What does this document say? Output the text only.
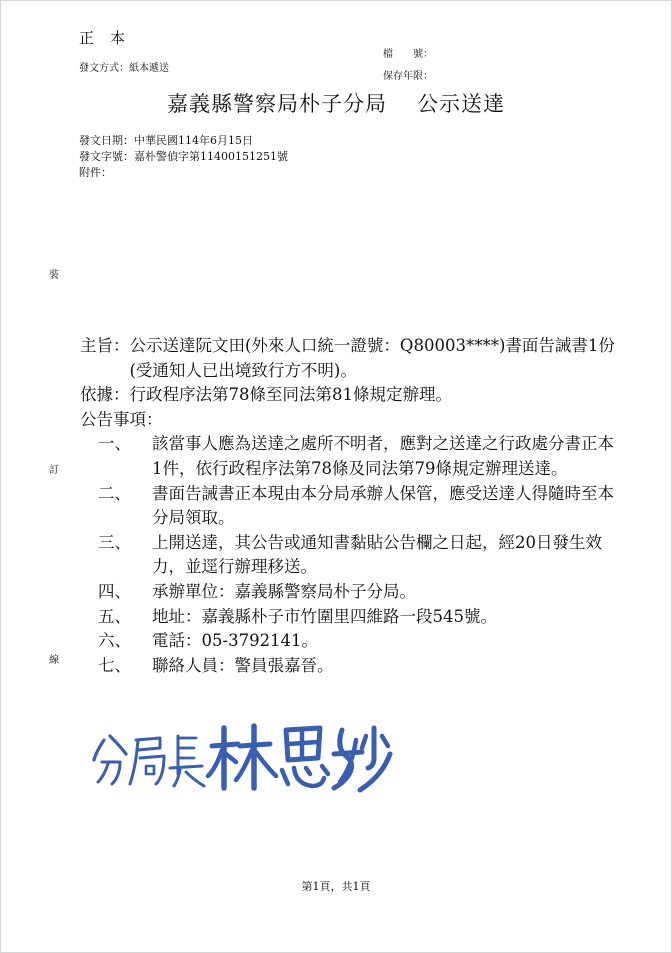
正本
發文方式：紙本遞送
檔　　號：
保存年限：
嘉義縣警察局朴子分局 公示送達
發文日期：中華民國114年6月15日
發文字號：嘉朴警偵字第11400151251號
附件：
裝
訂
線
主旨： 公示送達阮文田(外來人口統一證號：Q80003****)書面告誡書1份(受通知人已出境致行方不明)。
依據： 行政程序法第78條至同法第81條規定辦理。
公告事項：
一、	該當事人應為送達之處所不明者，應對之送達之行政處分書正本1件，依行政程序法第78條及同法第79條規定辦理送達。
二、	書面告誡書正本現由本分局承辦人保管，應受送達人得隨時至本分局領取。
三、	上開送達，其公告或通知書黏貼公告欄之日起，經20日發生效力，並逕行辦理移送。
四、	承辦單位：嘉義縣警察局朴子分局。
五、	地址：嘉義縣朴子市竹圍里四維路一段545號。
六、	電話：05-3792141。
七、	聯絡人員：警員張嘉晉。
第1頁，共1頁
